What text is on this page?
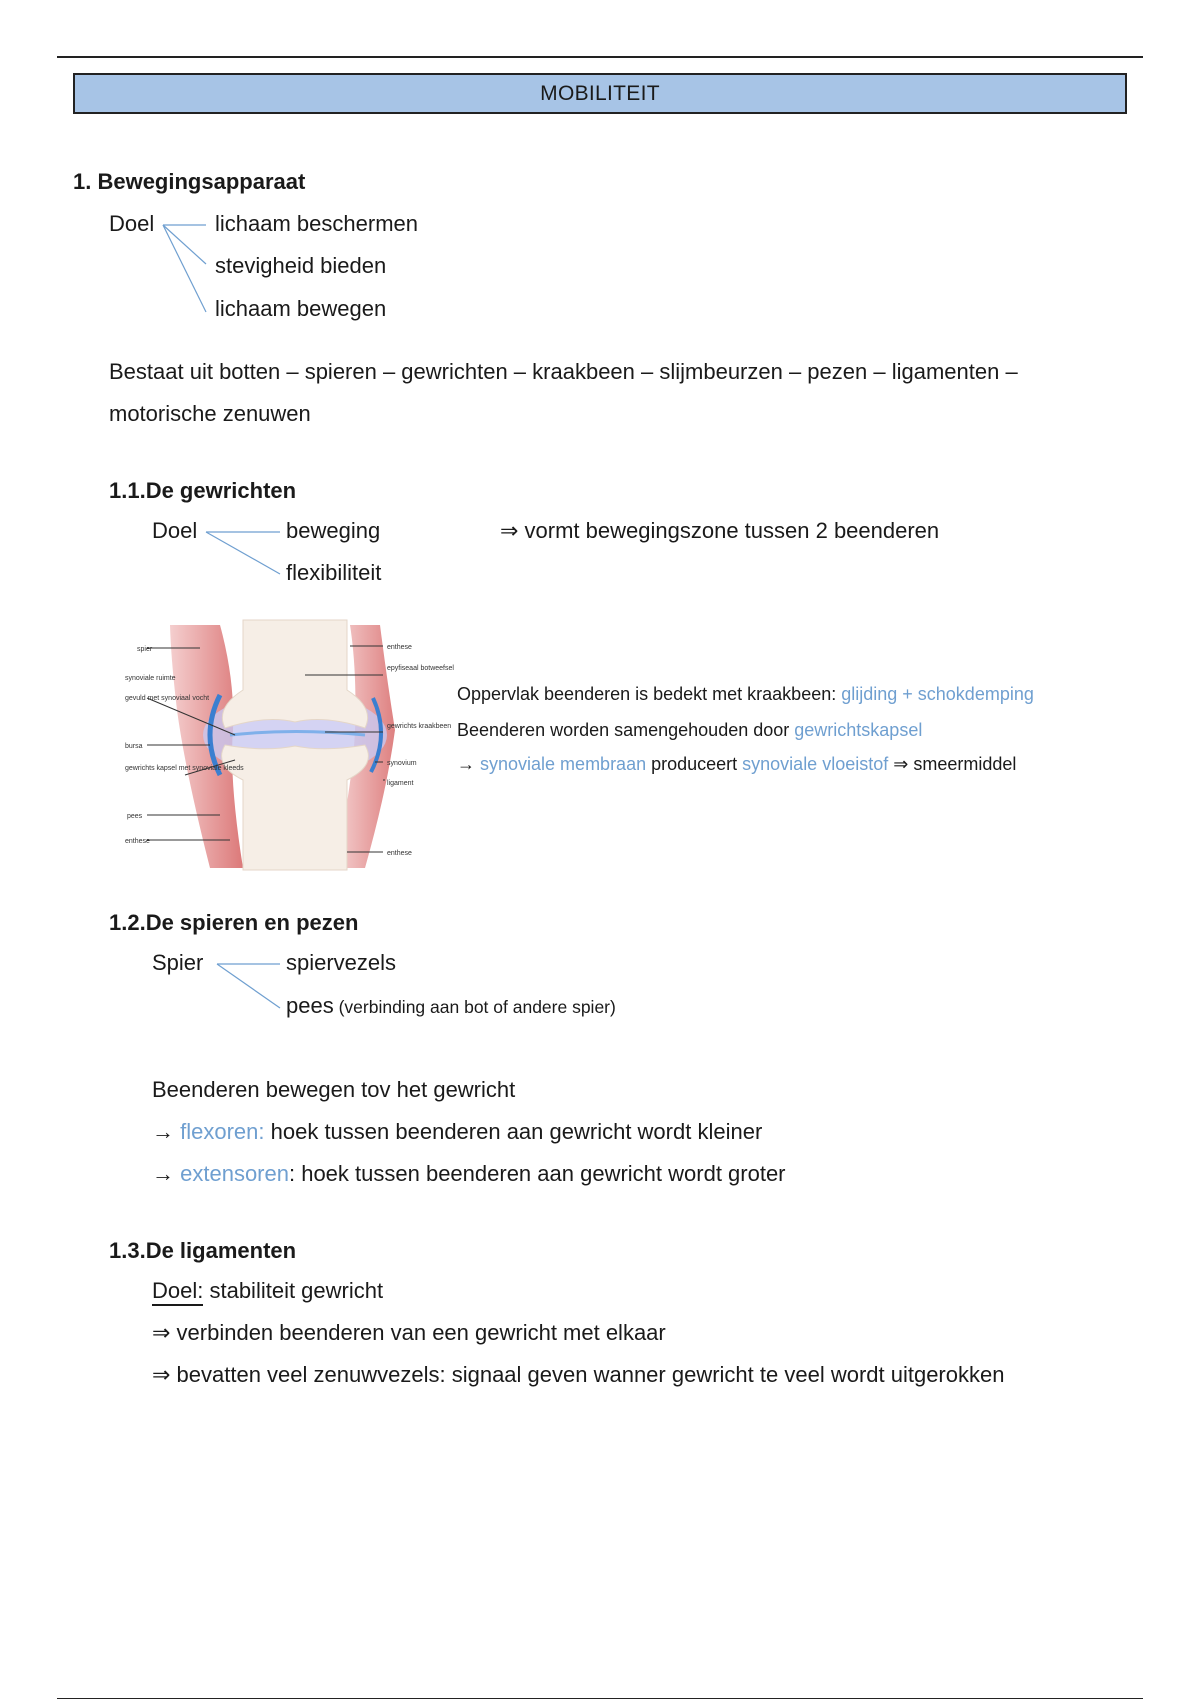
MOBILITEIT
1. Bewegingsapparaat
Doel	lichaam beschermen
stevigheid bieden
lichaam bewegen
Bestaat uit botten – spieren – gewrichten – kraakbeen – slijmbeurzen – pezen – ligamenten –
motorische zenuwen
1.1.De gewrichten
Doel	beweging
flexibiliteit
⇒ vormt bewegingszone tussen 2 beenderen
spier
synoviale ruimte
gevuld met synoviaal vocht
bursa
gewrichts kapsel met synoviale kleeds
pees
enthese
enthese
epyfiseaal botweefsel
gewrichts kraakbeen
synovium
ligament
enthese
Oppervlak beenderen is bedekt met kraakbeen: glijding + schokdemping
Beenderen worden samengehouden door gewrichtskapsel
→ synoviale membraan produceert synoviale vloeistof ⇒ smeermiddel
1.2.De spieren en pezen
Spier	spiervezels
pees (verbinding aan bot of andere spier)
Beenderen bewegen tov het gewricht
→ flexoren: hoek tussen beenderen aan gewricht wordt kleiner
→ extensoren: hoek tussen beenderen aan gewricht wordt groter
1.3.De ligamenten
Doel: stabiliteit gewricht
⇒ verbinden beenderen van een gewricht met elkaar
⇒ bevatten veel zenuwvezels: signaal geven wanner gewricht te veel wordt uitgerokken
